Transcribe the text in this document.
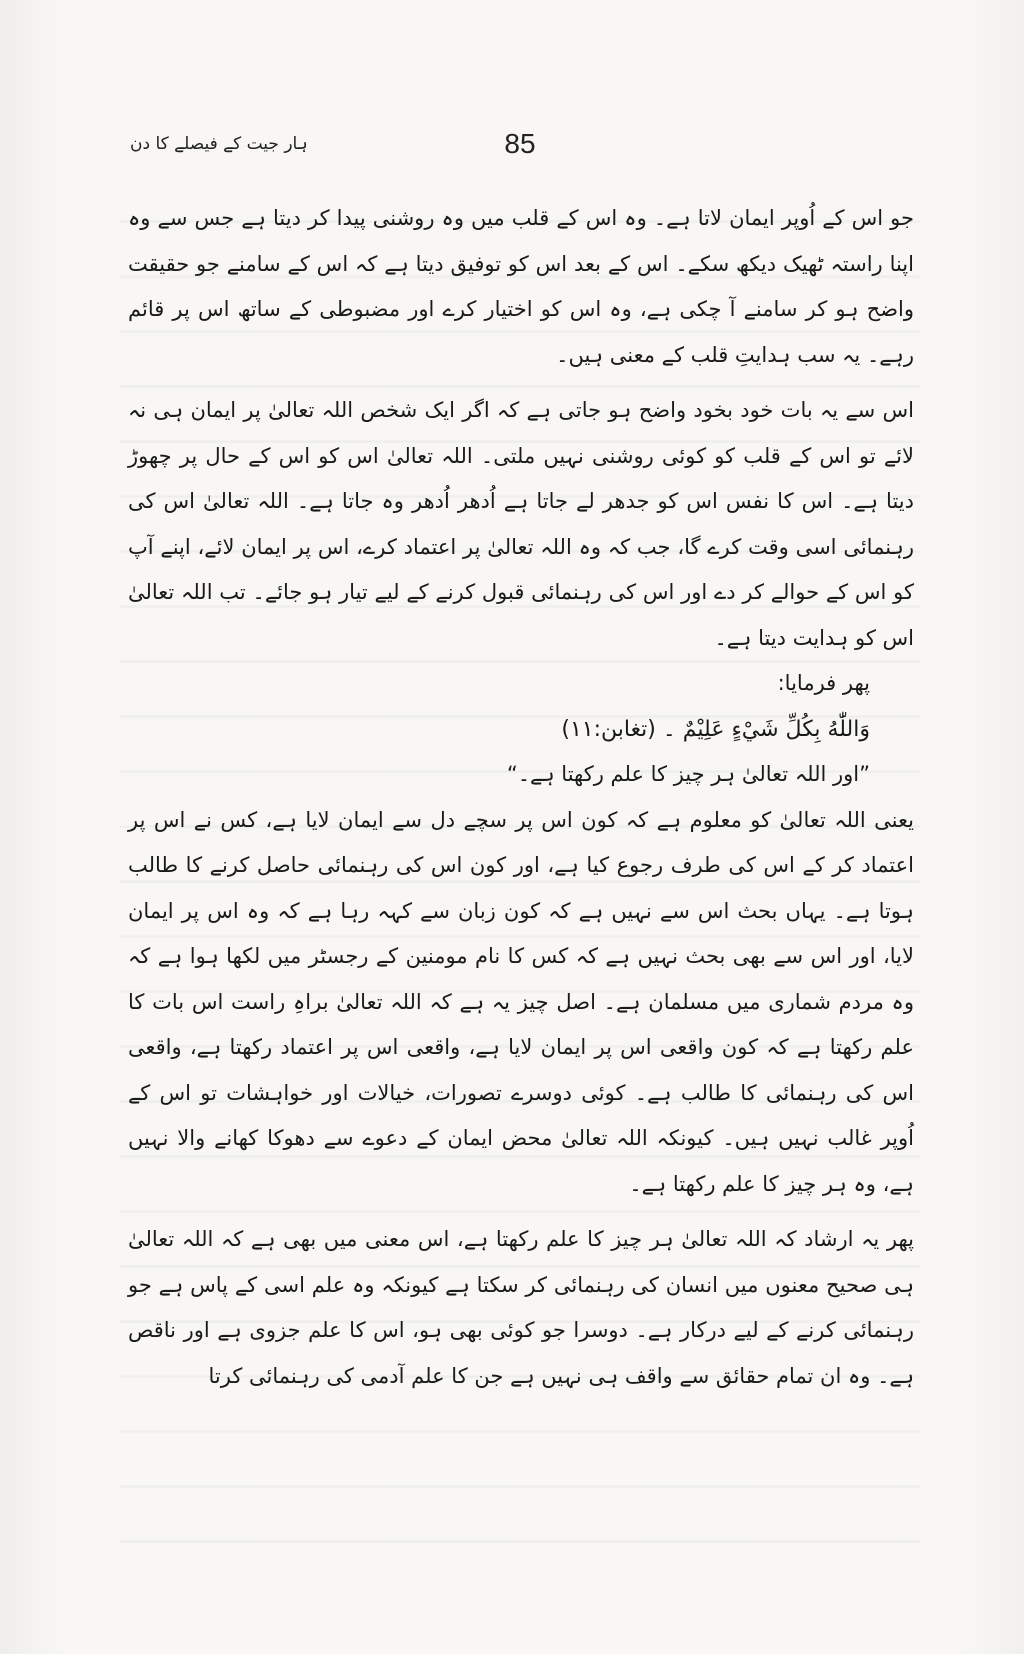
ہار جیت کے فیصلے کا دن	85

جو اس کے اُوپر ایمان لاتا ہے۔ وہ اس کے قلب میں وہ روشنی پیدا کر دیتا ہے جس سے وہ اپنا راستہ ٹھیک دیکھ سکے۔ اس کے بعد اس کو توفیق دیتا ہے کہ اس کے سامنے جو حقیقت واضح ہو کر سامنے آ چکی ہے، وہ اس کو اختیار کرے اور مضبوطی کے ساتھ اس پر قائم رہے۔ یہ سب ہدایتِ قلب کے معنی ہیں۔

اس سے یہ بات خود بخود واضح ہو جاتی ہے کہ اگر ایک شخص اللہ تعالیٰ پر ایمان ہی نہ لائے تو اس کے قلب کو کوئی روشنی نہیں ملتی۔ اللہ تعالیٰ اس کو اس کے حال پر چھوڑ دیتا ہے۔ اس کا نفس اس کو جدھر لے جاتا ہے اُدھر اُدھر وہ جاتا ہے۔ اللہ تعالیٰ اس کی رہنمائی اسی وقت کرے گا، جب کہ وہ اللہ تعالیٰ پر اعتماد کرے، اس پر ایمان لائے، اپنے آپ کو اس کے حوالے کر دے اور اس کی رہنمائی قبول کرنے کے لیے تیار ہو جائے۔ تب اللہ تعالیٰ اس کو ہدایت دیتا ہے۔

پھر فرمایا:

وَاللّٰهُ بِكُلِّ شَيْءٍ عَلِيْمٌ ۔ (تغابن:۱۱)

”اور اللہ تعالیٰ ہر چیز کا علم رکھتا ہے۔“

یعنی اللہ تعالیٰ کو معلوم ہے کہ کون اس پر سچے دل سے ایمان لایا ہے، کس نے اس پر اعتماد کر کے اس کی طرف رجوع کیا ہے، اور کون اس کی رہنمائی حاصل کرنے کا طالب ہوتا ہے۔ یہاں بحث اس سے نہیں ہے کہ کون زبان سے کہہ رہا ہے کہ وہ اس پر ایمان لایا، اور اس سے بھی بحث نہیں ہے کہ کس کا نام مومنین کے رجسٹر میں لکھا ہوا ہے کہ وہ مردم شماری میں مسلمان ہے۔ اصل چیز یہ ہے کہ اللہ تعالیٰ براہِ راست اس بات کا علم رکھتا ہے کہ کون واقعی اس پر ایمان لایا ہے، واقعی اس پر اعتماد رکھتا ہے، واقعی اس کی رہنمائی کا طالب ہے۔ کوئی دوسرے تصورات، خیالات اور خواہشات تو اس کے اُوپر غالب نہیں ہیں۔ کیونکہ اللہ تعالیٰ محض ایمان کے دعوے سے دھوکا کھانے والا نہیں ہے، وہ ہر چیز کا علم رکھتا ہے۔

پھر یہ ارشاد کہ اللہ تعالیٰ ہر چیز کا علم رکھتا ہے، اس معنی میں بھی ہے کہ اللہ تعالیٰ ہی صحیح معنوں میں انسان کی رہنمائی کر سکتا ہے کیونکہ وہ علم اسی کے پاس ہے جو رہنمائی کرنے کے لیے درکار ہے۔ دوسرا جو کوئی بھی ہو، اس کا علم جزوی ہے اور ناقص ہے۔ وہ ان تمام حقائق سے واقف ہی نہیں ہے جن کا علم آدمی کی رہنمائی کرتا
